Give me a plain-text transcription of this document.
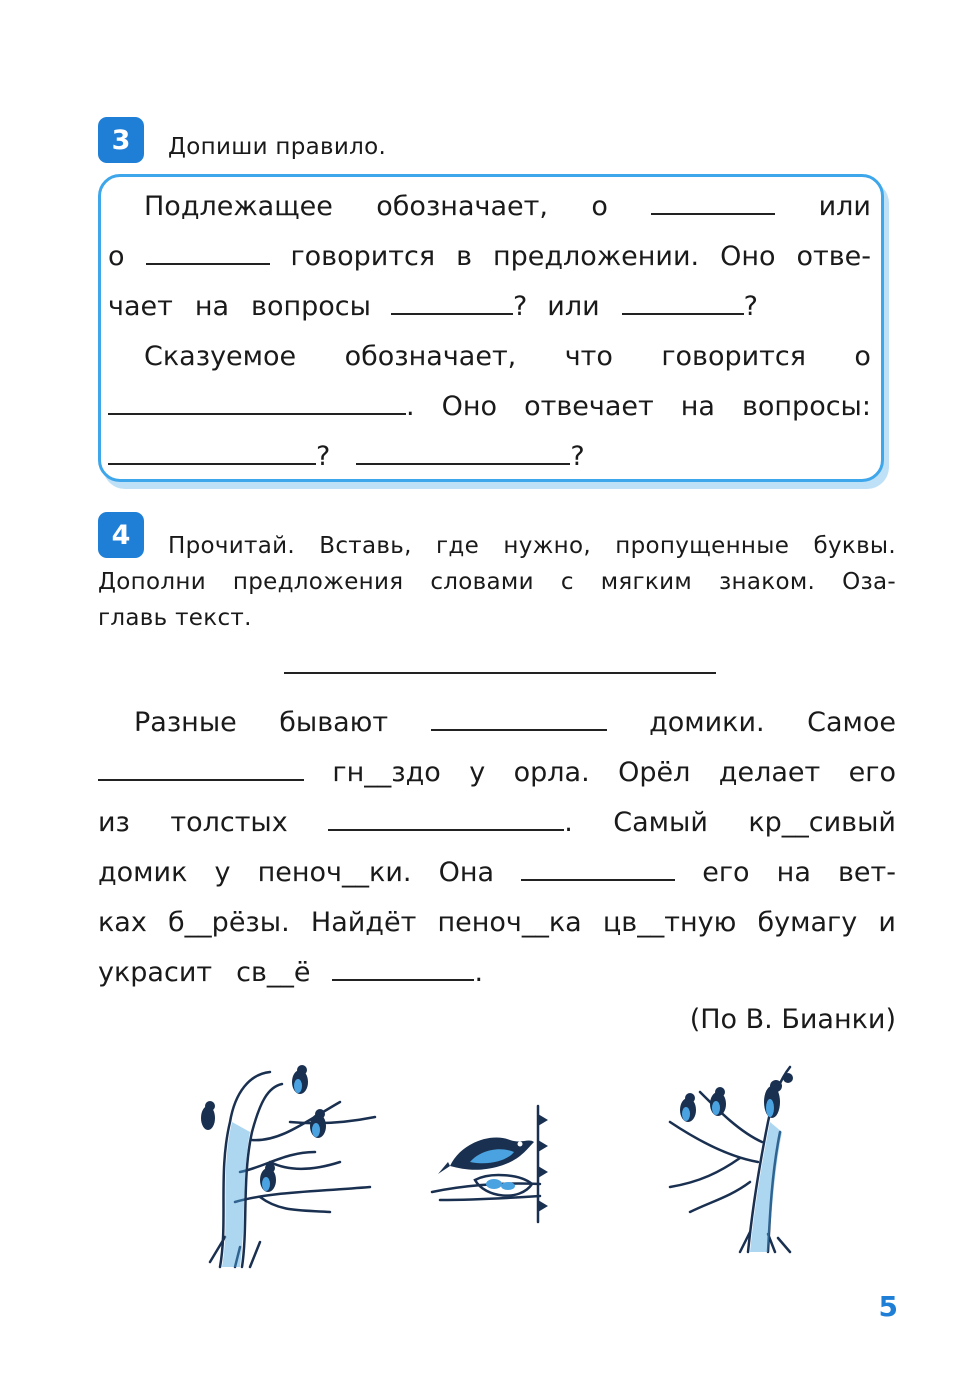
3 Допиши правило.
Подлежащее обозначает, о	или
о	говорится в предложении. Оно отве-
чает на вопросы	? или	?
Сказуемое обозначает, что говорится о
. Оно отвечает на вопросы:
?	?
4	Прочитай. Вставь, где нужно, пропущенные буквы.
Дополни предложения словами с мягким знаком. Оза-
главь текст.
Разные бывают	домики. Самое
гн__здо у орла. Орёл делает его
из толстых	. Самый кр__сивый
домик у пеноч__ки. Она	его на вет-
ках б__рёзы. Найдёт пеноч__ка цв__тную бумагу и
украсит св__ё	.
(По В. Бианки)
5
